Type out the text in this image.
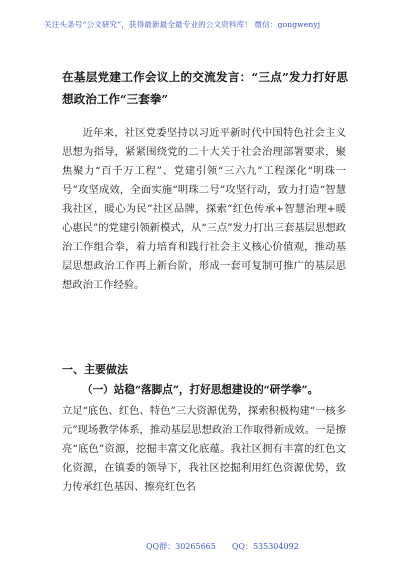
关注头条号“公文研究”，获得最新最全最专业的公文资料库！ 微信：gongwenyj
在基层党建工作会议上的交流发言：“三点”发力打好思想政治工作“三套拳”
近年来，社区党委坚持以习近平新时代中国特色社会主义思想为指导，紧紧围绕党的二十大关于社会治理部署要求，聚焦聚力“百千万工程”、党建引领“三六九”工程深化“明珠一号”攻坚成效，全面实施“明珠二号”攻坚行动，致力打造“智慧我社区，暖心为民”社区品牌，探索“红色传承+智慧治理+暖心惠民”的党建引领新模式，从“三点”发力打出三套基层思想政治工作组合拳，着力培育和践行社会主义核心价值观，推动基层思想政治工作再上新台阶，形成一套可复制可推广的基层思想政治工作经验。
一、主要做法
（一）站稳“落脚点”，打好思想建设的“研学拳”。
立足“底色、红色、特色”三大资源优势，探索积极构建“一核多元”现场教学体系，推动基层思想政治工作取得新成效。一是擦亮“底色”资源，挖掘丰富文化底蕴。我社区拥有丰富的红色文化资源，在镇委的领导下，我社区挖掘利用红色资源优势，致力传承红色基因、擦亮红色名
QQ群：30265665　　QQ：535304092
